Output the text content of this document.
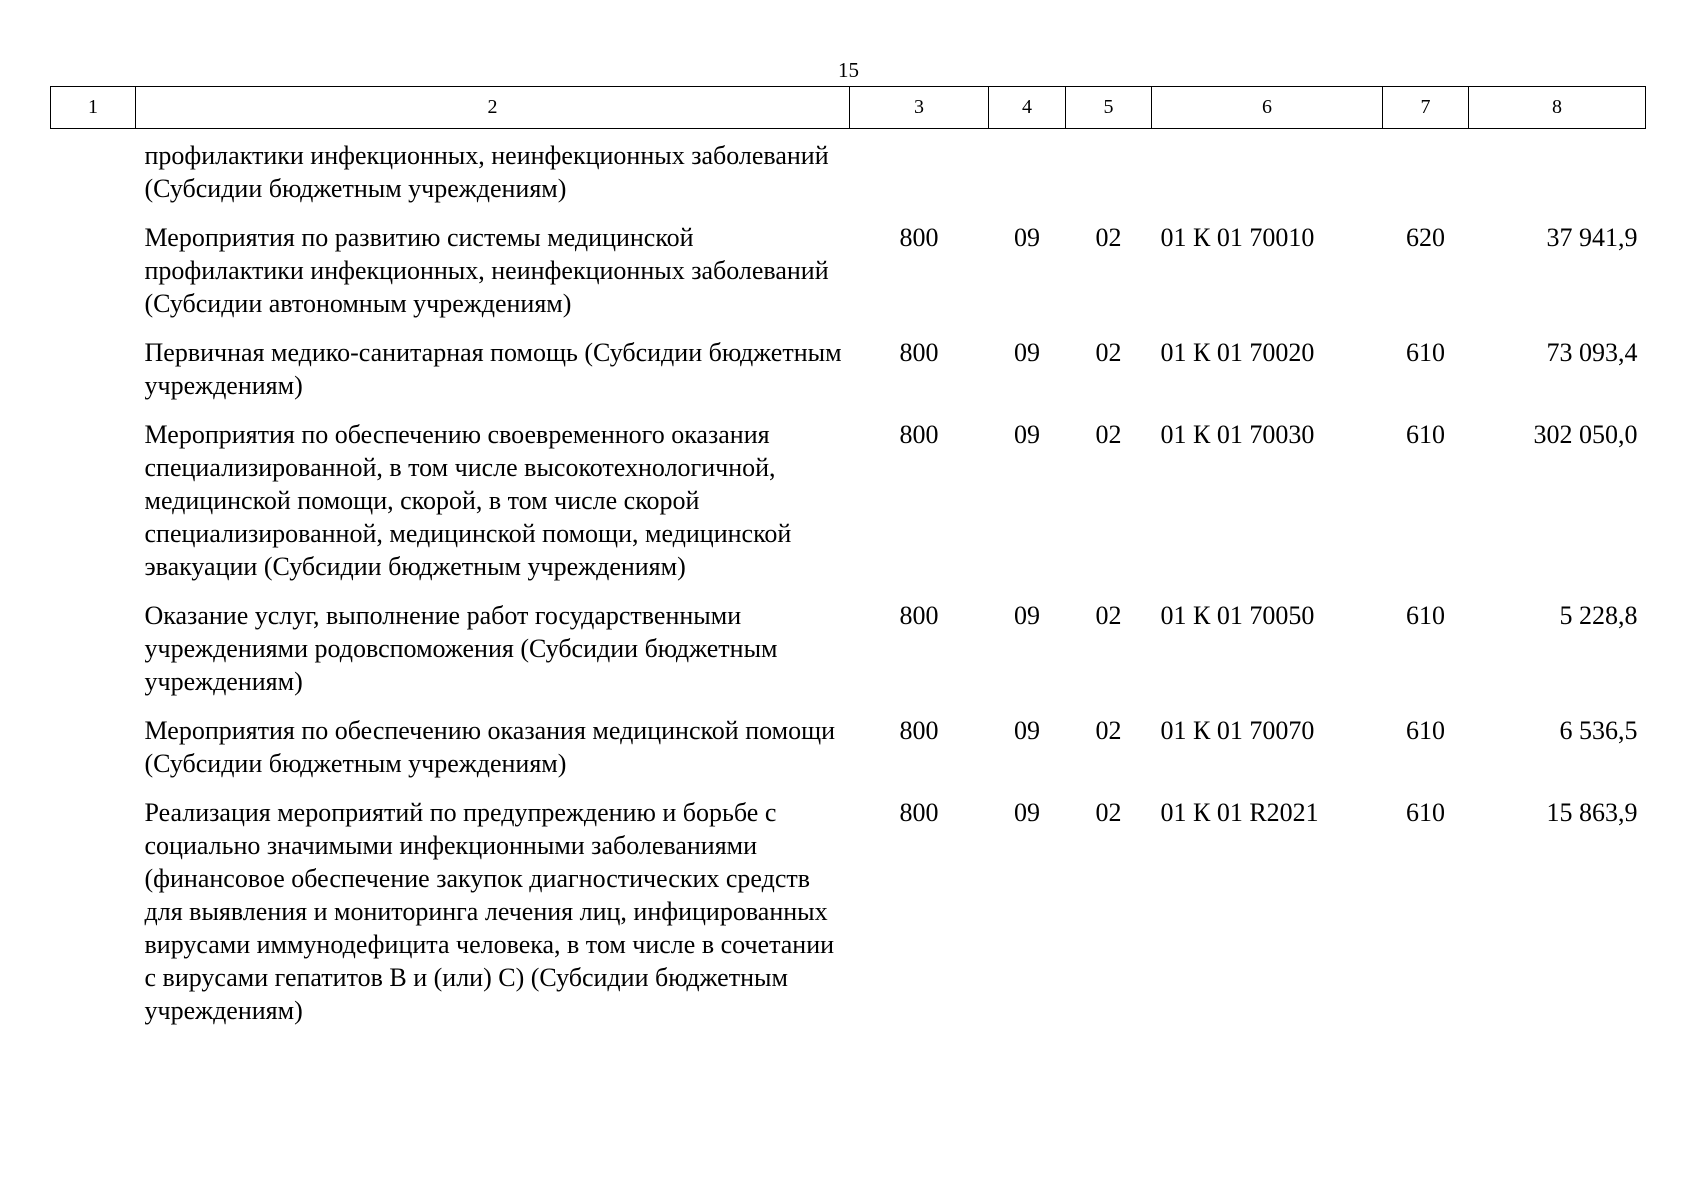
15
1	2	3	4	5	6	7	8
	профилактики инфекционных, неинфекционных заболеваний (Субсидии бюджетным учреждениям)						
	Мероприятия по развитию системы медицинской профилактики инфекционных, неинфекционных заболеваний (Субсидии автономным учреждениям)	800	09	02	01 К 01 70010	620	37 941,9
	Первичная медико-санитарная помощь (Субсидии бюджетным учреждениям)	800	09	02	01 К 01 70020	610	73 093,4
	Мероприятия по обеспечению своевременного оказания специализированной, в том числе высокотехнологичной, медицинской помощи, скорой, в том числе скорой специализированной, медицинской помощи, медицинской эвакуации (Субсидии бюджетным учреждениям)	800	09	02	01 К 01 70030	610	302 050,0
	Оказание услуг, выполнение работ государственными учреждениями родовспоможения (Субсидии бюджетным учреждениям)	800	09	02	01 К 01 70050	610	5 228,8
	Мероприятия по обеспечению оказания медицинской помощи (Субсидии бюджетным учреждениям)	800	09	02	01 К 01 70070	610	6 536,5
	Реализация мероприятий по предупреждению и борьбе с социально значимыми инфекционными заболеваниями (финансовое обеспечение закупок диагностических средств для выявления и мониторинга лечения лиц, инфицированных вирусами иммунодефицита человека, в том числе в сочетании с вирусами гепатитов B и (или) C) (Субсидии бюджетным учреждениям)	800	09	02	01 К 01 R2021	610	15 863,9
